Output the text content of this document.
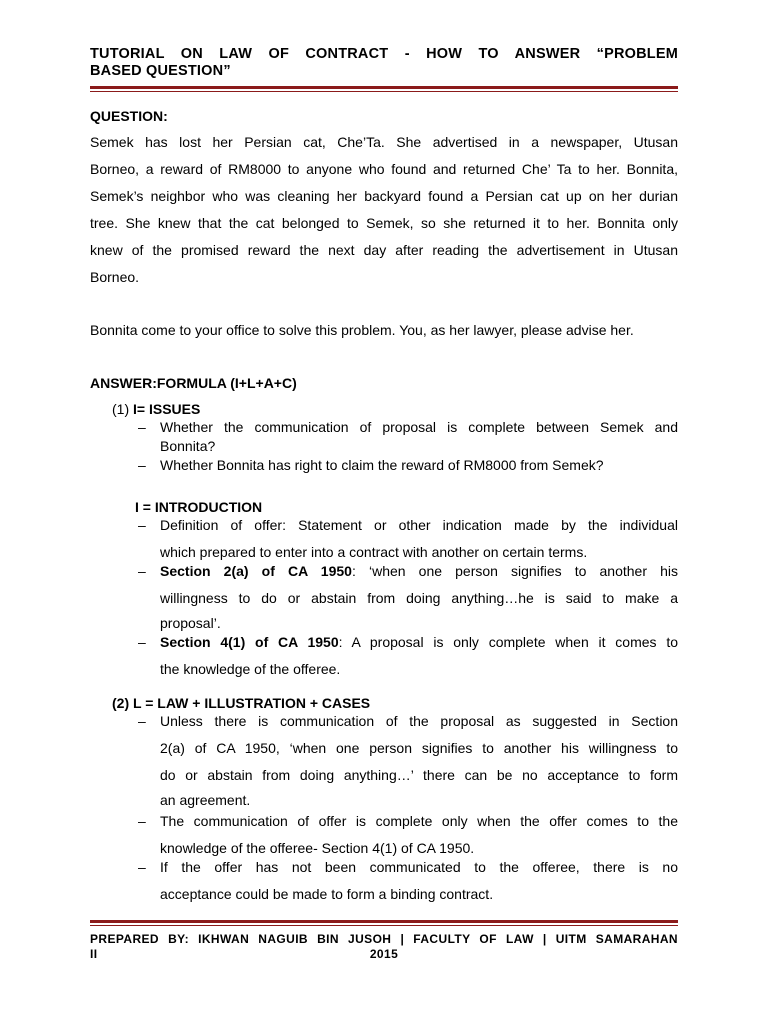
TUTORIAL ON LAW OF CONTRACT - HOW TO ANSWER “PROBLEM
BASED QUESTION”
QUESTION:

Semek has lost her Persian cat, Che’Ta. She advertised in a newspaper, Utusan
Borneo, a reward of RM8000 to anyone who found and returned Che’ Ta to her. Bonnita,
Semek’s neighbor who was cleaning her backyard found a Persian cat up on her durian
tree. She knew that the cat belonged to Semek, so she returned it to her. Bonnita only
knew of the promised reward the next day after reading the advertisement in Utusan
Borneo.

Bonnita come to your office to solve this problem. You, as her lawyer, please advise her.
ANSWER:FORMULA (I+L+A+C)
(1) I= ISSUES
– Whether the communication of proposal is complete between Semek and
Bonnita?
– Whether Bonnita has right to claim the reward of RM8000 from Semek?
I = INTRODUCTION
– Definition of offer: Statement or other indication made by the individual
which prepared to enter into a contract with another on certain terms.
– Section 2(a) of CA 1950: ‘when one person signifies to another his
willingness to do or abstain from doing anything…he is said to make a
proposal’.
– Section 4(1) of CA 1950: A proposal is only complete when it comes to
the knowledge of the offeree.
(2) L = LAW + ILLUSTRATION + CASES
– Unless there is communication of the proposal as suggested in Section
2(a) of CA 1950, ‘when one person signifies to another his willingness to
do or abstain from doing anything…’ there can be no acceptance to form
an agreement.
– The communication of offer is complete only when the offer comes to the
knowledge of the offeree- Section 4(1) of CA 1950.
– If the offer has not been communicated to the offeree, there is no
acceptance could be made to form a binding contract.
PREPARED BY: IKHWAN NAGUIB BIN JUSOH | FACULTY OF LAW | UITM SAMARAHAN
II	2015
